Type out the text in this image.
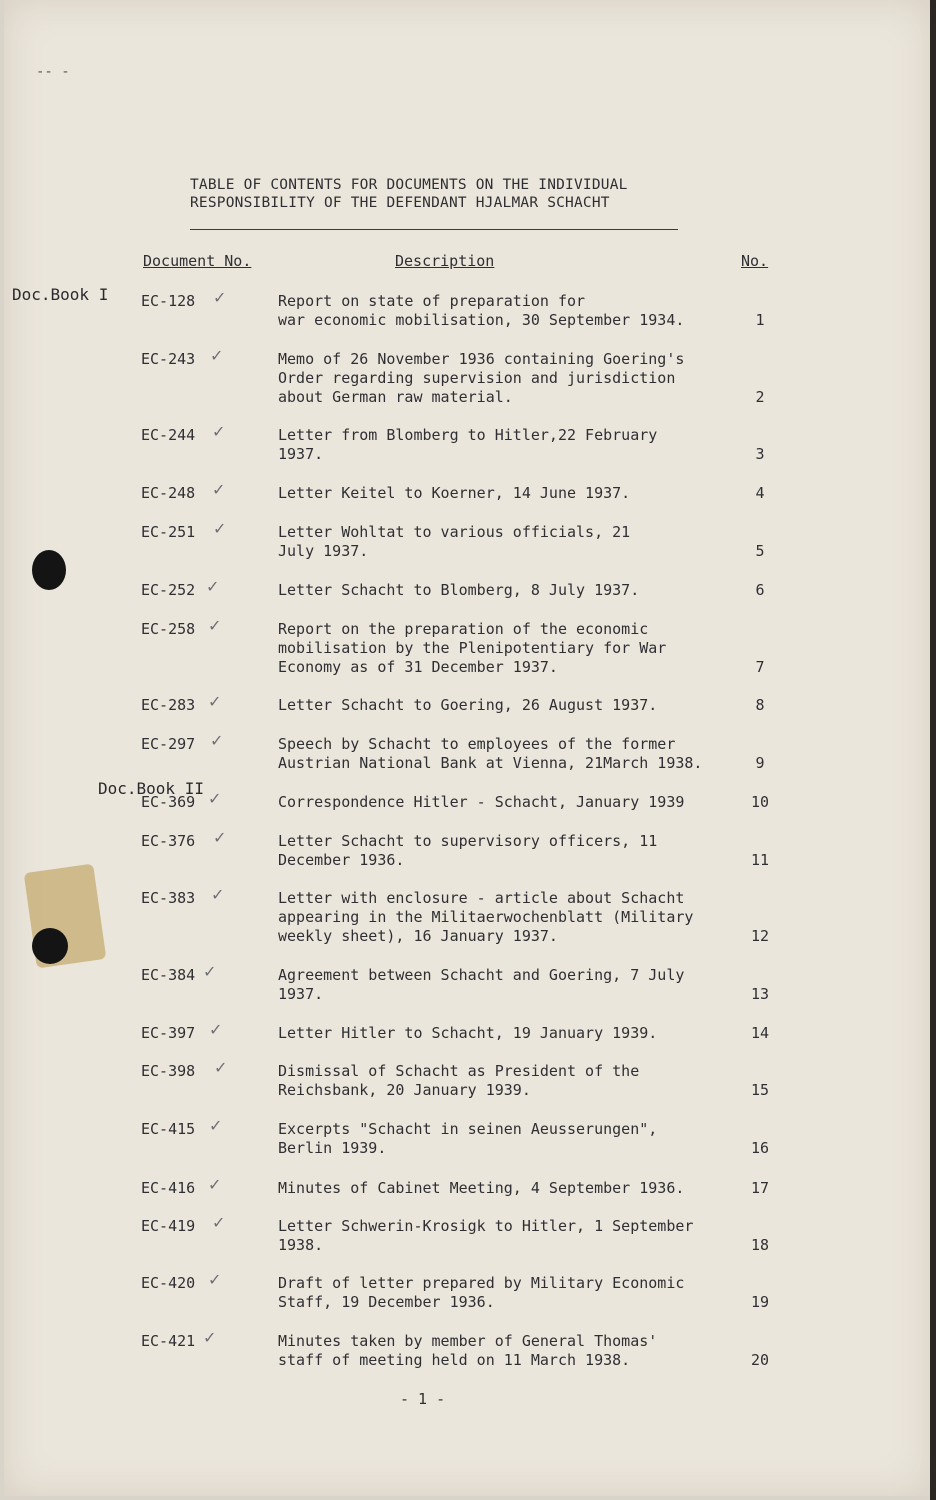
-- -
TABLE OF CONTENTS FOR DOCUMENTS ON THE INDIVIDUAL
RESPONSIBILITY OF THE DEFENDANT HJALMAR SCHACHT
Document No.	Description	No.
Doc.Book I
Doc.Book II
EC-128 ✓	Report on state of preparation for
war economic mobilisation, 30 September 1934.	1
EC-243 ✓	Memo of 26 November 1936 containing Goering's
Order regarding supervision and jurisdiction
about German raw material.	2
EC-244 ✓	Letter from Blomberg to Hitler,22 February
1937.	3
EC-248 ✓	Letter Keitel to Koerner, 14 June 1937.	4
EC-251 ✓	Letter Wohltat to various officials, 21
July 1937.	5
EC-252 ✓	Letter Schacht to Blomberg, 8 July 1937.	6
EC-258 ✓	Report on the preparation of the economic
mobilisation by the Plenipotentiary for War
Economy as of 31 December 1937.	7
EC-283 ✓	Letter Schacht to Goering, 26 August 1937.	8
EC-297 ✓	Speech by Schacht to employees of the former
Austrian National Bank at Vienna, 21March 1938.	9
EC-369 ✓	Correspondence Hitler - Schacht, January 1939	10
EC-376 ✓	Letter Schacht to supervisory officers, 11
December 1936.	11
EC-383 ✓	Letter with enclosure - article about Schacht
appearing in the Militaerwochenblatt (Military
weekly sheet), 16 January 1937.	12
EC-384 ✓	Agreement between Schacht and Goering, 7 July
1937.	13
EC-397 ✓	Letter Hitler to Schacht, 19 January 1939.	14
EC-398 ✓	Dismissal of Schacht as President of the
Reichsbank, 20 January 1939.	15
EC-415 ✓	Excerpts "Schacht in seinen Aeusserungen",
Berlin 1939.	16
EC-416 ✓	Minutes of Cabinet Meeting, 4 September 1936.	17
EC-419 ✓	Letter Schwerin-Krosigk to Hitler, 1 September
1938.	18
EC-420 ✓	Draft of letter prepared by Military Economic
Staff, 19 December 1936.	19
EC-421 ✓	Minutes taken by member of General Thomas'
staff of meeting held on 11 March 1938.	20
- 1 -
